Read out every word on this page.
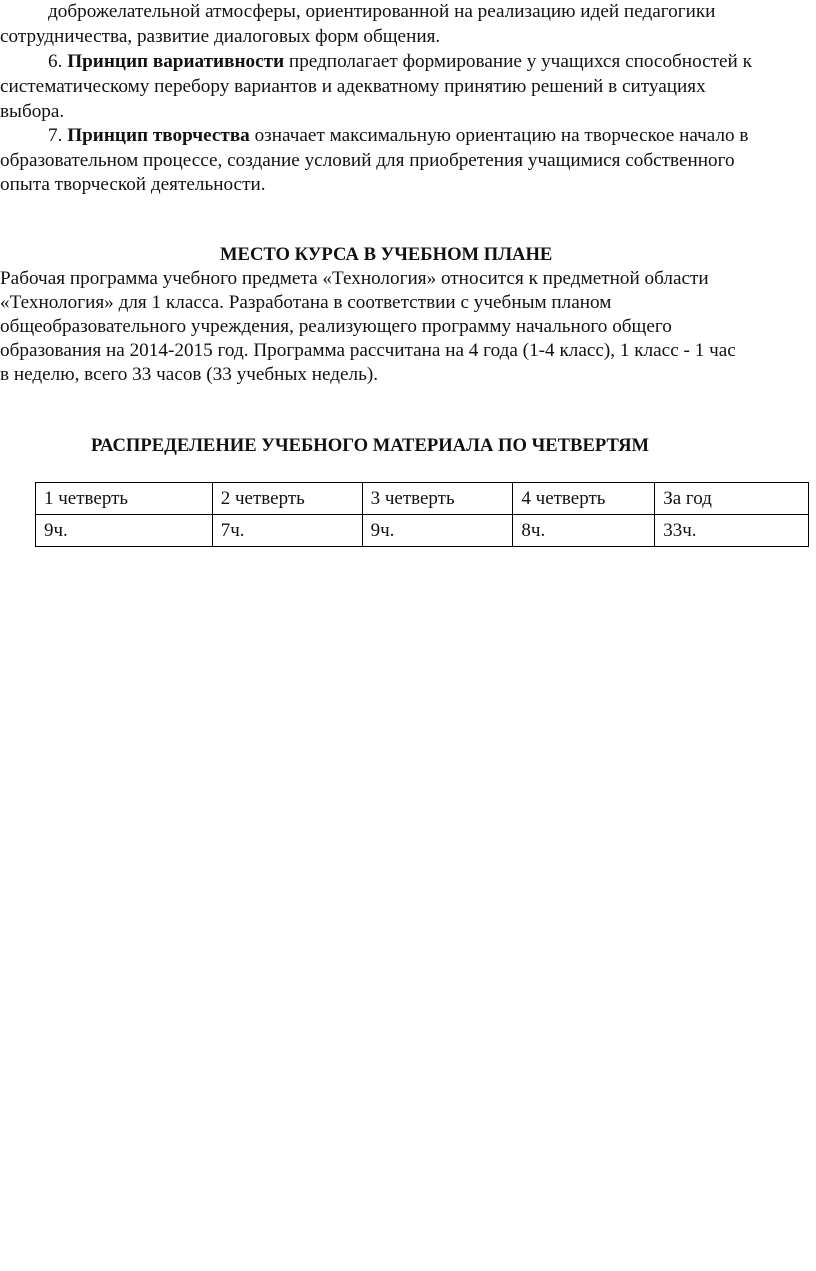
доброжелательной атмосферы, ориентированной на реализацию идей педагогики
сотрудничества, развитие диалоговых форм общения.
6. Принцип вариативности предполагает формирование у учащихся способностей к
систематическому перебору вариантов и адекватному принятию решений в ситуациях
выбора.
7. Принцип творчества означает максимальную ориентацию на творческое начало в
образовательном процессе, создание условий для приобретения учащимися собственного
опыта творческой деятельности.
МЕСТО КУРСА В УЧЕБНОМ ПЛАНЕ
Рабочая программа учебного предмета «Технология» относится к предметной области
«Технология» для 1 класса. Разработана в соответствии с учебным планом
общеобразовательного учреждения, реализующего программу начального общего
образования на 2014-2015 год. Программа рассчитана на 4 года (1-4 класс), 1 класс - 1 час
в неделю, всего 33 часов (33 учебных недель).
РАСПРЕДЕЛЕНИЕ УЧЕБНОГО МАТЕРИАЛА ПО ЧЕТВЕРТЯМ
1 четверть	2 четверть	3 четверть	4 четверть	За год
9ч.	7ч.	9ч.	8ч.	33ч.
